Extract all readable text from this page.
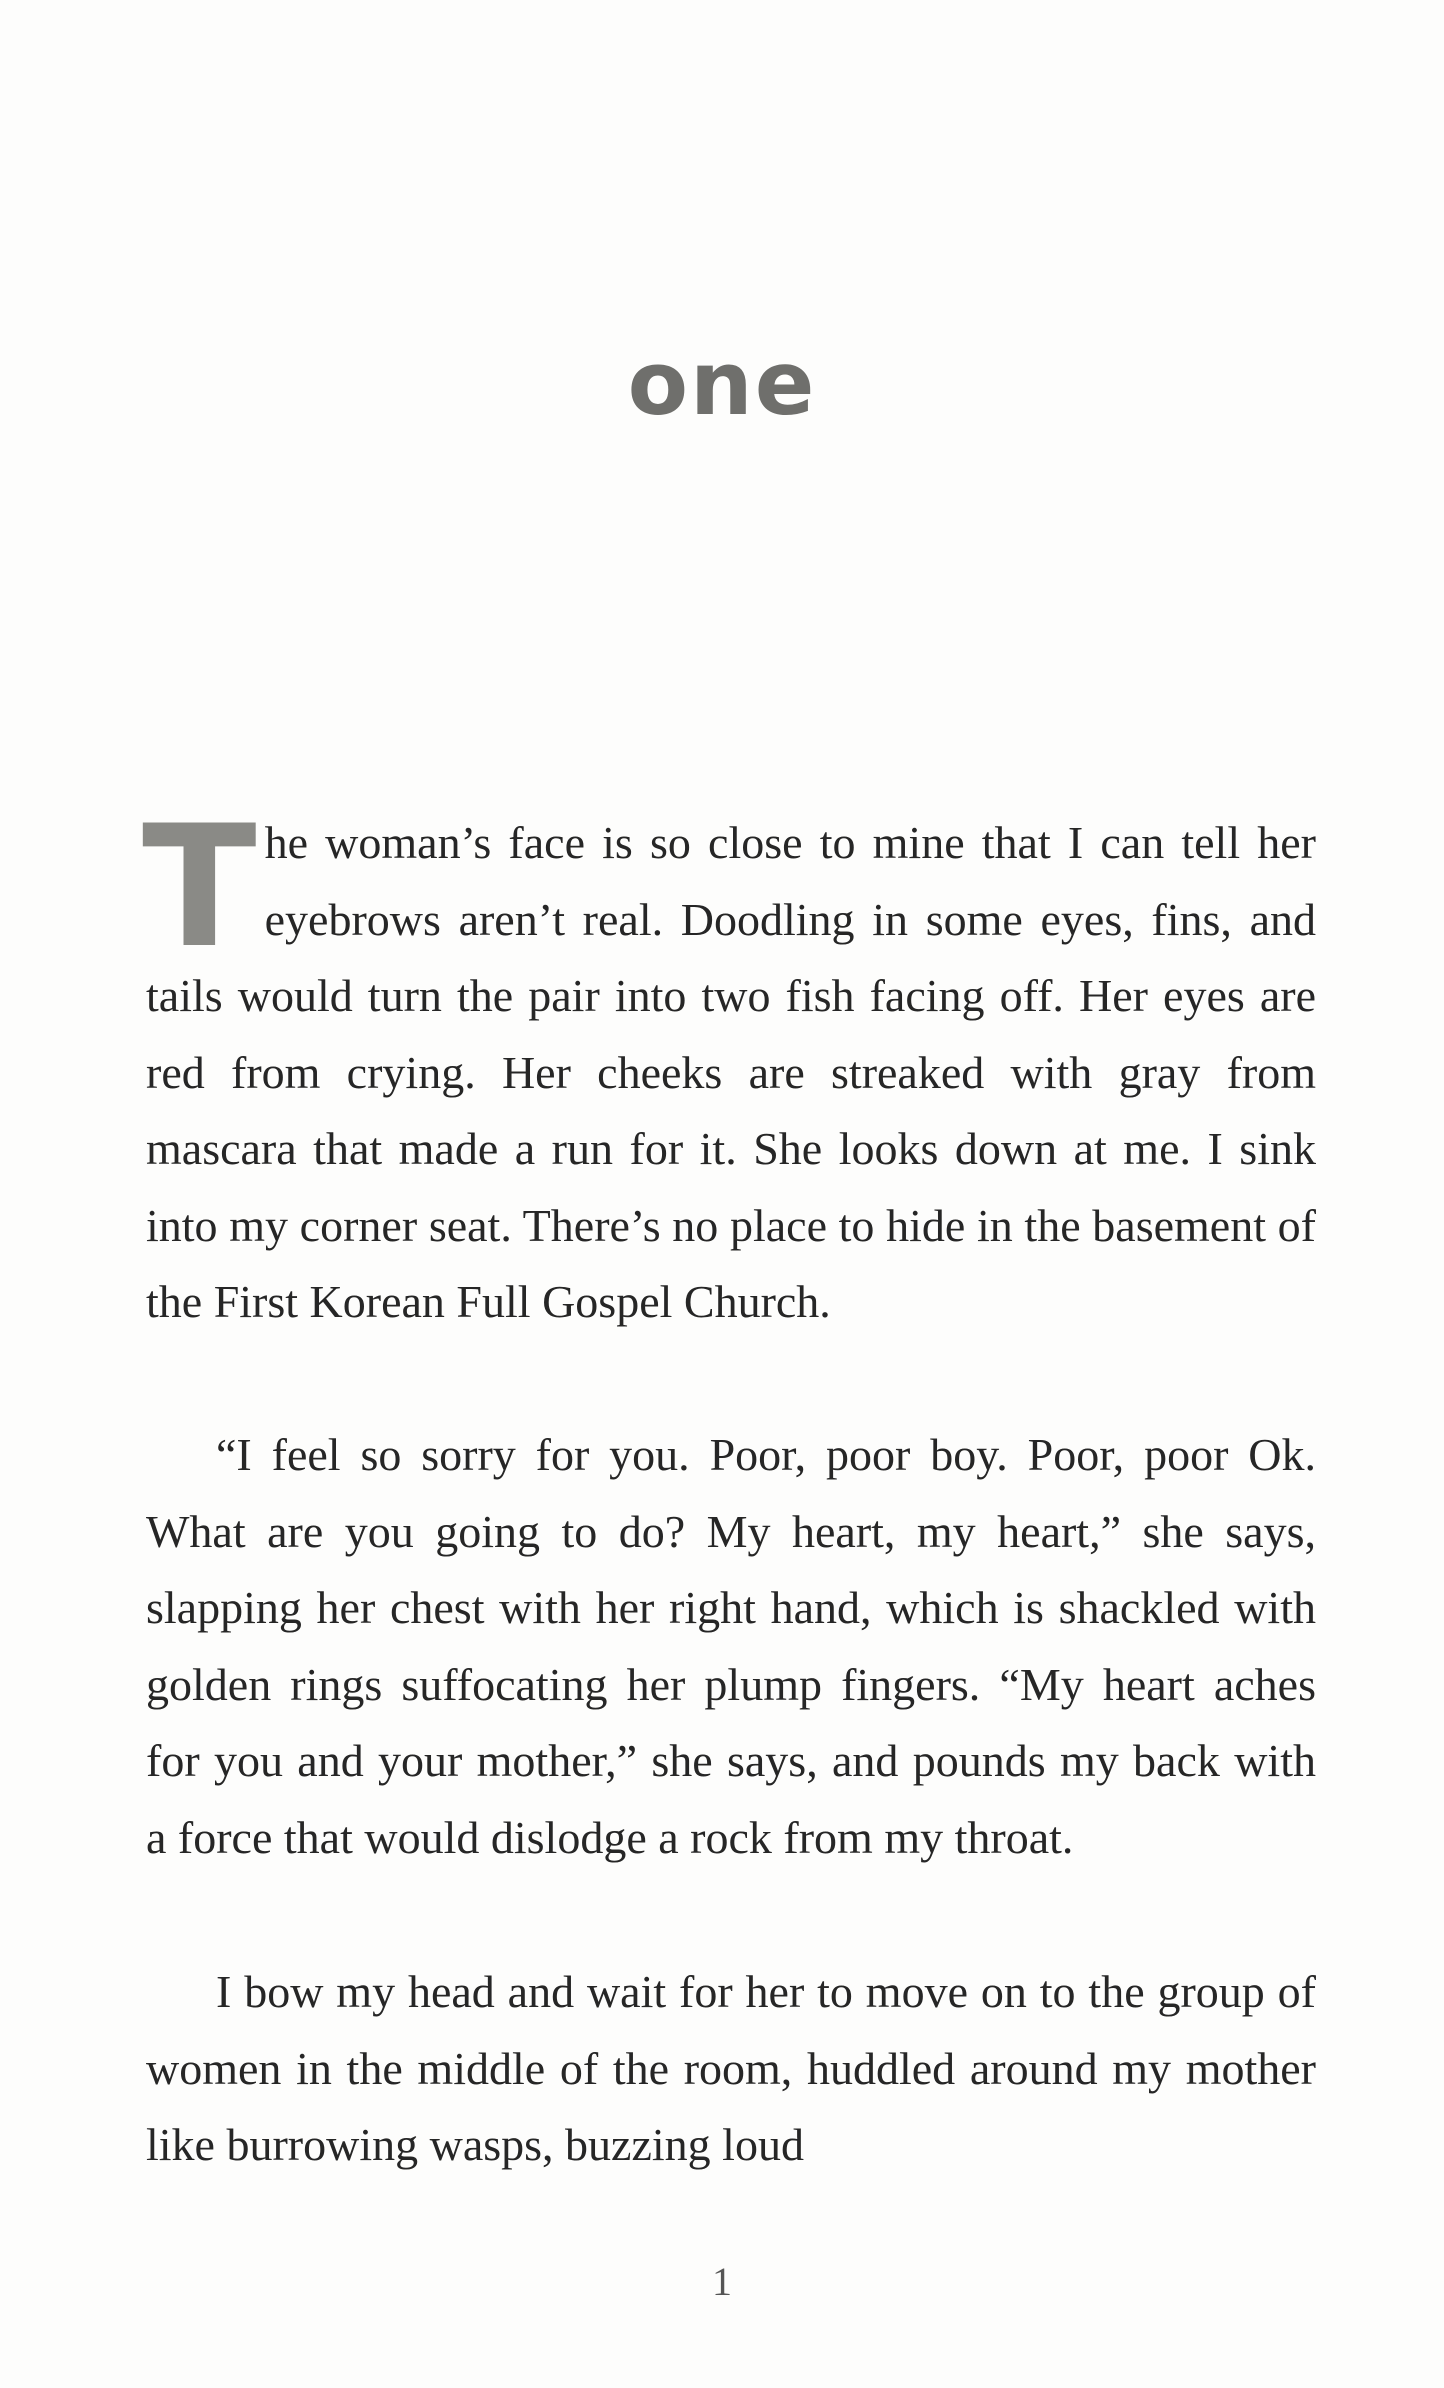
one

The woman’s face is so close to mine that I can tell her eyebrows aren’t real. Doodling in some eyes, fins, and tails would turn the pair into two fish facing off. Her eyes are red from crying. Her cheeks are streaked with gray from mascara that made a run for it. She looks down at me. I sink into my corner seat. There’s no place to hide in the basement of the First Korean Full Gospel Church.

“I feel so sorry for you. Poor, poor boy. Poor, poor Ok. What are you going to do? My heart, my heart,” she says, slapping her chest with her right hand, which is shackled with golden rings suffocating her plump fingers. “My heart aches for you and your mother,” she says, and pounds my back with a force that would dislodge a rock from my throat.

I bow my head and wait for her to move on to the group of women in the middle of the room, huddled around my mother like burrowing wasps, buzzing loud

1
